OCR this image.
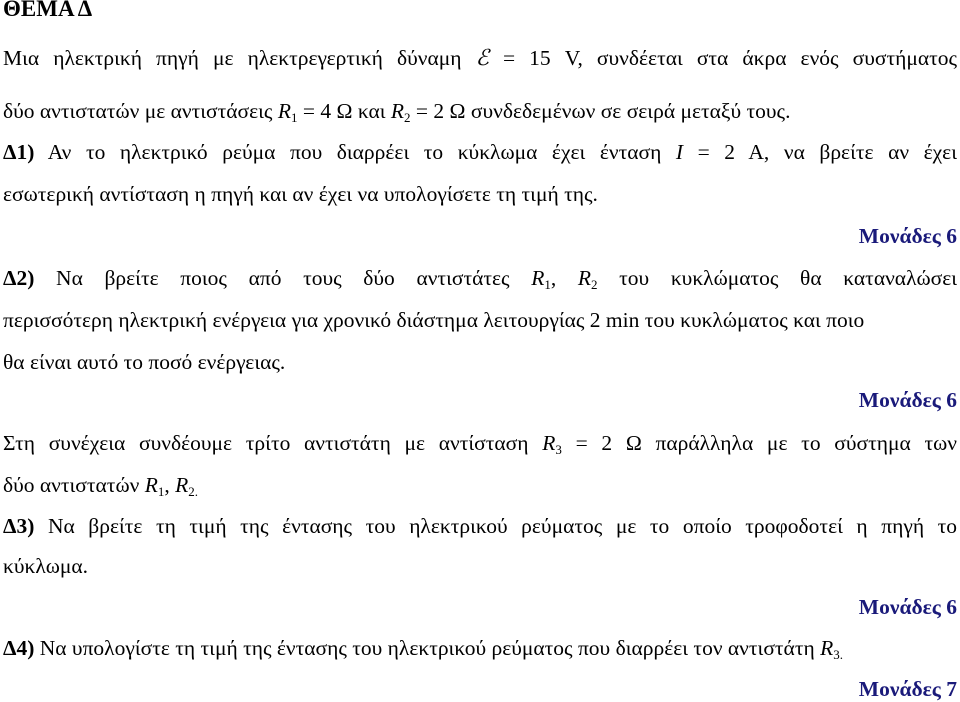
ΘΕΜΑ Δ
Μια ηλεκτρική πηγή με ηλεκτρεγερτική δύναμη ℰ = 15 V, συνδέεται στα άκρα ενός συστήματος
δύο αντιστατών με αντιστάσεις $R_1 = 4$ Ω και $R_2 = 2$ Ω συνδεδεμένων σε σειρά μεταξύ τους.
Δ1) Αν το ηλεκτρικό ρεύμα που διαρρέει το κύκλωμα έχει ένταση I = 2 A, να βρείτε αν έχει
εσωτερική αντίσταση η πηγή και αν έχει να υπολογίσετε τη τιμή της.
Μονάδες 6
Δ2) Να βρείτε ποιος από τους δύο αντιστάτες $R_1$, $R_2$ του κυκλώματος θα καταναλώσει
περισσότερη ηλεκτρική ενέργεια για χρονικό διάστημα λειτουργίας 2 min του κυκλώματος και ποιο
θα είναι αυτό το ποσό ενέργειας.
Μονάδες 6
Στη συνέχεια συνδέουμε τρίτο αντιστάτη με αντίσταση $R_3 = 2$ Ω παράλληλα με το σύστημα των
δύο αντιστατών $R_1$, $R_{2.}$
Δ3) Να βρείτε τη τιμή της έντασης του ηλεκτρικού ρεύματος με το οποίο τροφοδοτεί η πηγή το
κύκλωμα.
Μονάδες 6
Δ4) Να υπολογίστε τη τιμή της έντασης του ηλεκτρικού ρεύματος που διαρρέει τον αντιστάτη $R_{3.}$
Μονάδες 7
